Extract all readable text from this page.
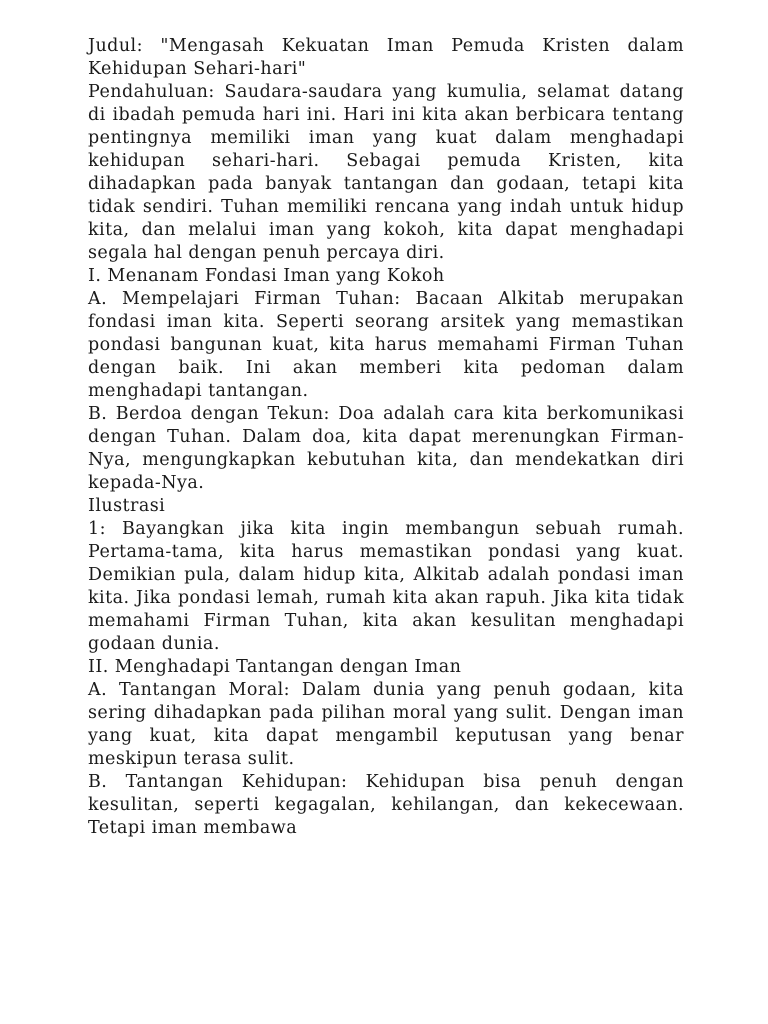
Judul: "Mengasah Kekuatan Iman Pemuda Kristen dalam Kehidupan Sehari-hari"

Pendahuluan: Saudara-saudara yang kumulia, selamat datang di ibadah pemuda hari ini. Hari ini kita akan berbicara tentang pentingnya memiliki iman yang kuat dalam menghadapi kehidupan sehari-hari. Sebagai pemuda Kristen, kita dihadapkan pada banyak tantangan dan godaan, tetapi kita tidak sendiri. Tuhan memiliki rencana yang indah untuk hidup kita, dan melalui iman yang kokoh, kita dapat menghadapi segala hal dengan penuh percaya diri.

I. Menanam Fondasi Iman yang Kokoh

A. Mempelajari Firman Tuhan: Bacaan Alkitab merupakan fondasi iman kita. Seperti seorang arsitek yang memastikan pondasi bangunan kuat, kita harus memahami Firman Tuhan dengan baik. Ini akan memberi kita pedoman dalam menghadapi tantangan.

B. Berdoa dengan Tekun: Doa adalah cara kita berkomunikasi dengan Tuhan. Dalam doa, kita dapat merenungkan Firman-Nya, mengungkapkan kebutuhan kita, dan mendekatkan diri kepada-Nya.

Ilustrasi

1: Bayangkan jika kita ingin membangun sebuah rumah. Pertama-tama, kita harus memastikan pondasi yang kuat. Demikian pula, dalam hidup kita, Alkitab adalah pondasi iman kita. Jika pondasi lemah, rumah kita akan rapuh. Jika kita tidak memahami Firman Tuhan, kita akan kesulitan menghadapi godaan dunia.

II. Menghadapi Tantangan dengan Iman

A. Tantangan Moral: Dalam dunia yang penuh godaan, kita sering dihadapkan pada pilihan moral yang sulit. Dengan iman yang kuat, kita dapat mengambil keputusan yang benar meskipun terasa sulit.

B. Tantangan Kehidupan: Kehidupan bisa penuh dengan kesulitan, seperti kegagalan, kehilangan, dan kekecewaan. Tetapi iman membawa
